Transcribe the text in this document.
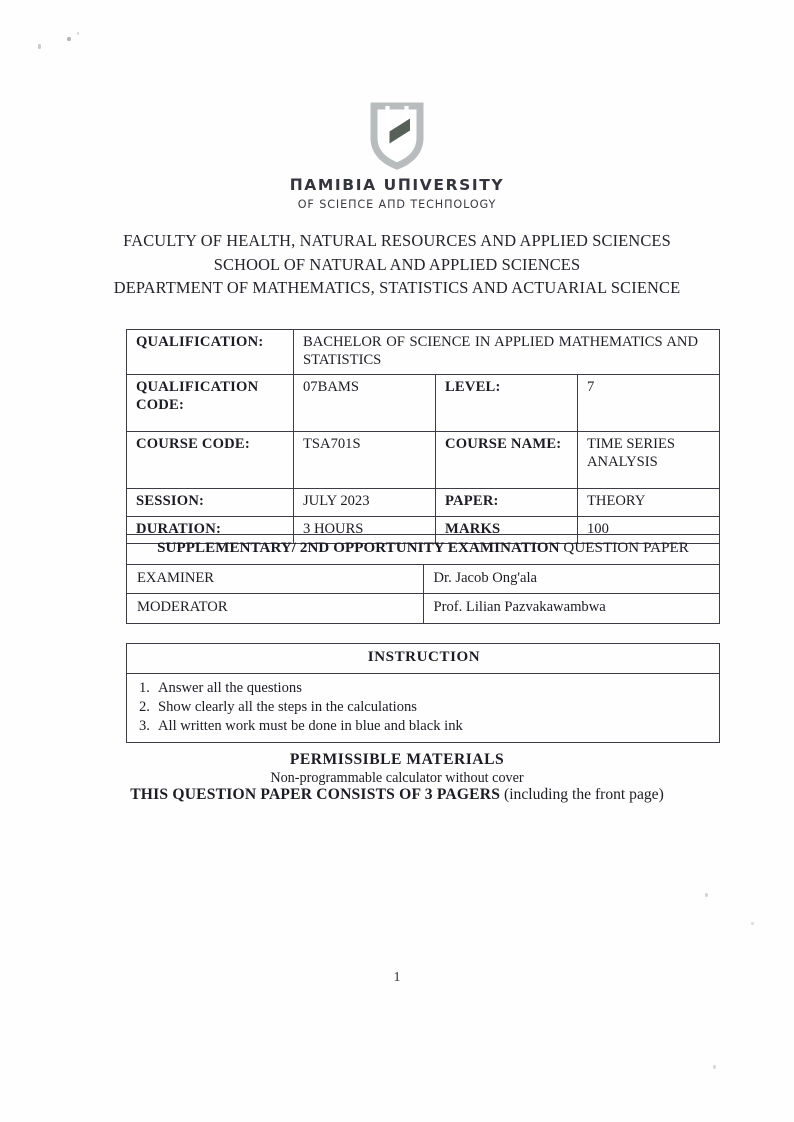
ΠAMIBIA UΠIVERSITY
OF SCIEΠCE AΠD TECHΠOLOGY
FACULTY OF HEALTH, NATURAL RESOURCES AND APPLIED SCIENCES
SCHOOL OF NATURAL AND APPLIED SCIENCES
DEPARTMENT OF MATHEMATICS, STATISTICS AND ACTUARIAL SCIENCE
QUALIFICATION:	BACHELOR OF SCIENCE IN APPLIED MATHEMATICS AND
STATISTICS		

QUALIFICATION CODE:	07BAMS	LEVEL:	7
COURSE CODE:	TSA701S	COURSE NAME:	TIME SERIES ANALYSIS
SESSION:	JULY 2023	PAPER:	THEORY
DURATION:	3 HOURS	MARKS	100
SUPPLEMENTARY/ 2ND OPPORTUNITY EXAMINATION QUESTION PAPER	
EXAMINER	Dr. Jacob Ong'ala
MODERATOR	Prof. Lilian Pazvakawambwa
INSTRUCTION

1. Answer all the questions
2. Show clearly all the steps in the calculations
3. All written work must be done in blue and black ink
PERMISSIBLE MATERIALS
Non-programmable calculator without cover
THIS QUESTION PAPER CONSISTS OF 3 PAGERS (including the front page)
1
